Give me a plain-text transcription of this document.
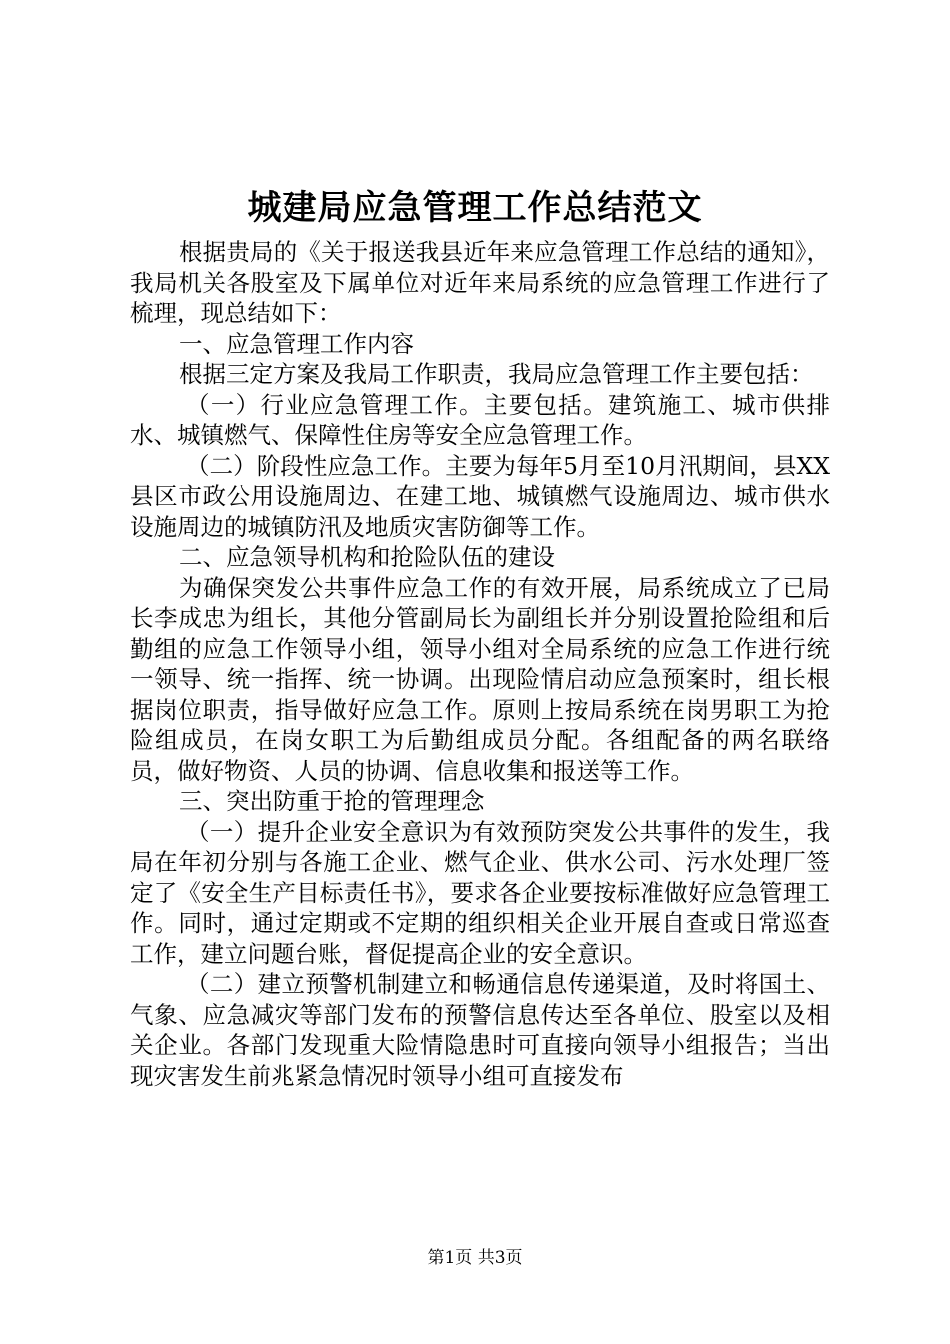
城建局应急管理工作总结范文

根据贵局的《关于报送我县近年来应急管理工作总结的通知》，我局机关各股室及下属单位对近年来局系统的应急管理工作进行了梳理，现总结如下：

一、应急管理工作内容

根据三定方案及我局工作职责，我局应急管理工作主要包括：

（一）行业应急管理工作。主要包括。建筑施工、城市供排水、城镇燃气、保障性住房等安全应急管理工作。

（二）阶段性应急工作。主要为每年5月至10月汛期间，县XX县区市政公用设施周边、在建工地、城镇燃气设施周边、城市供水设施周边的城镇防汛及地质灾害防御等工作。

二、应急领导机构和抢险队伍的建设

为确保突发公共事件应急工作的有效开展，局系统成立了已局长李成忠为组长，其他分管副局长为副组长并分别设置抢险组和后勤组的应急工作领导小组，领导小组对全局系统的应急工作进行统一领导、统一指挥、统一协调。出现险情启动应急预案时，组长根据岗位职责，指导做好应急工作。原则上按局系统在岗男职工为抢险组成员，在岗女职工为后勤组成员分配。各组配备的两名联络员，做好物资、人员的协调、信息收集和报送等工作。

三、突出防重于抢的管理理念

（一）提升企业安全意识为有效预防突发公共事件的发生，我局在年初分别与各施工企业、燃气企业、供水公司、污水处理厂签定了《安全生产目标责任书》，要求各企业要按标准做好应急管理工作。同时，通过定期或不定期的组织相关企业开展自查或日常巡查工作，建立问题台账，督促提高企业的安全意识。

（二）建立预警机制建立和畅通信息传递渠道，及时将国土、气象、应急减灾等部门发布的预警信息传达至各单位、股室以及相关企业。各部门发现重大险情隐患时可直接向领导小组报告；当出现灾害发生前兆紧急情况时领导小组可直接发布

第1页 共3页
